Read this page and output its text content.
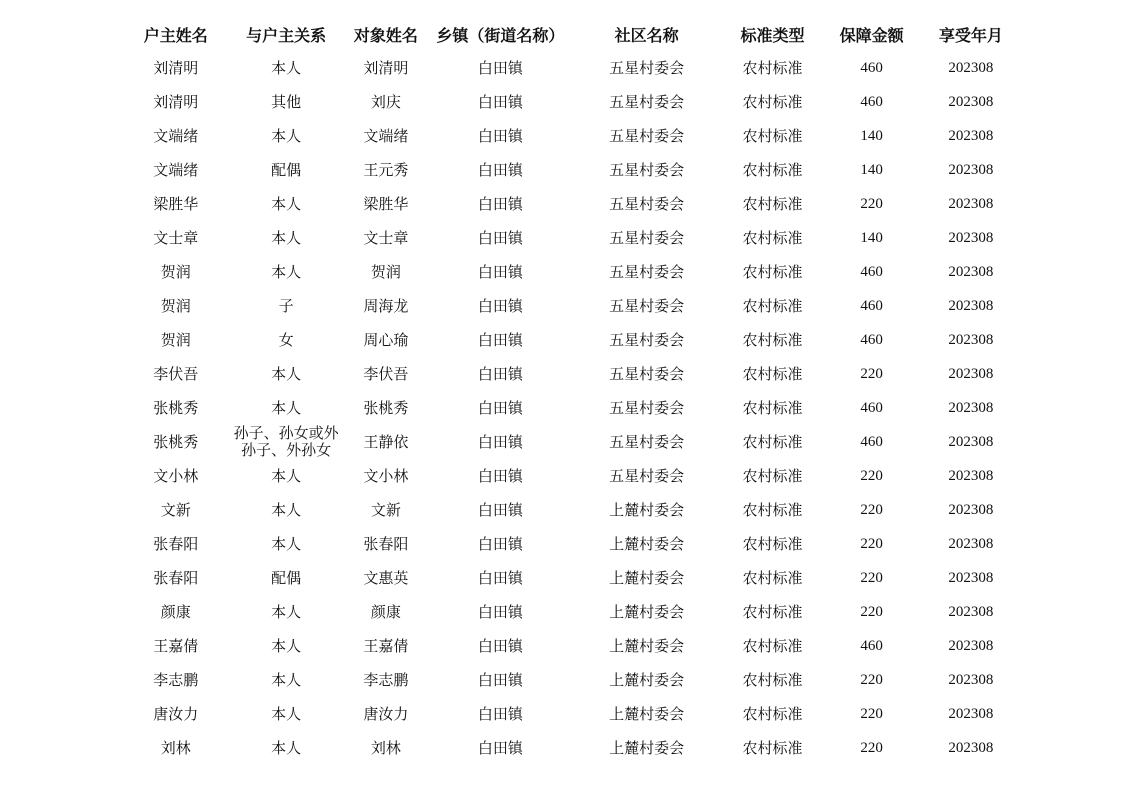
户主姓名	与户主关系	对象姓名	乡镇（街道名称）	社区名称	标准类型	保障金额	享受年月
刘清明	本人	刘清明	白田镇	五星村委会	农村标准	460	202308
刘清明	其他	刘庆	白田镇	五星村委会	农村标准	460	202308
文端绪	本人	文端绪	白田镇	五星村委会	农村标准	140	202308
文端绪	配偶	王元秀	白田镇	五星村委会	农村标准	140	202308
梁胜华	本人	梁胜华	白田镇	五星村委会	农村标准	220	202308
文士章	本人	文士章	白田镇	五星村委会	农村标准	140	202308
贺润	本人	贺润	白田镇	五星村委会	农村标准	460	202308
贺润	子	周海龙	白田镇	五星村委会	农村标准	460	202308
贺润	女	周心瑜	白田镇	五星村委会	农村标准	460	202308
李伏吾	本人	李伏吾	白田镇	五星村委会	农村标准	220	202308
张桃秀	本人	张桃秀	白田镇	五星村委会	农村标准	460	202308
张桃秀	孙子、孙女或外孙子、外孙女	王静依	白田镇	五星村委会	农村标准	460	202308
文小林	本人	文小林	白田镇	五星村委会	农村标准	220	202308
文新	本人	文新	白田镇	上麓村委会	农村标准	220	202308
张春阳	本人	张春阳	白田镇	上麓村委会	农村标准	220	202308
张春阳	配偶	文惠英	白田镇	上麓村委会	农村标准	220	202308
颜康	本人	颜康	白田镇	上麓村委会	农村标准	220	202308
王嘉倩	本人	王嘉倩	白田镇	上麓村委会	农村标准	460	202308
李志鹏	本人	李志鹏	白田镇	上麓村委会	农村标准	220	202308
唐汝力	本人	唐汝力	白田镇	上麓村委会	农村标准	220	202308
刘林	本人	刘林	白田镇	上麓村委会	农村标准	220	202308
